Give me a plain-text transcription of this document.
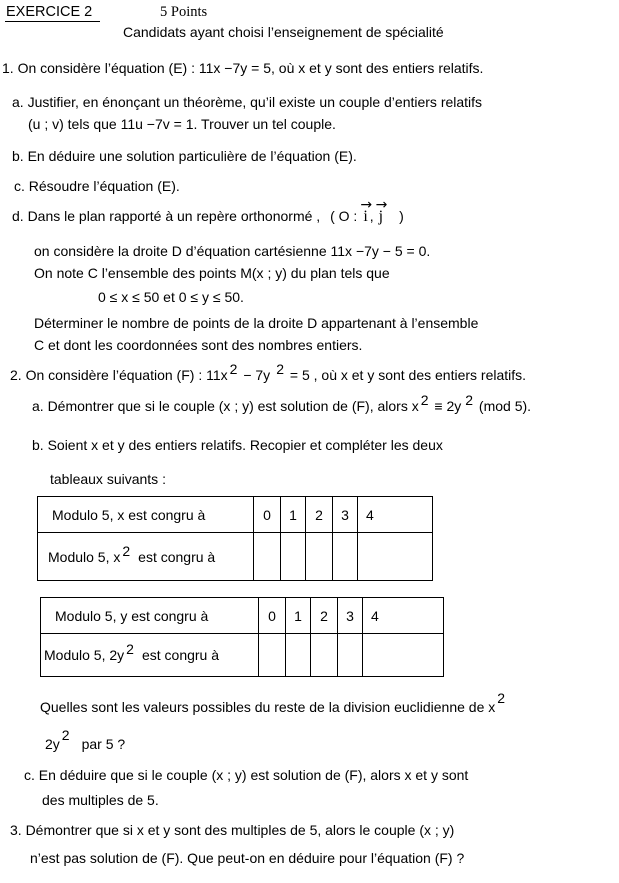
EXERCICE 2	5 Points
Candidats ayant choisi l’enseignement de spécialité
1. On considère l’équation (E) : 11x −7y = 5, où x et y sont des entiers relatifs.
a. Justifier, en énonçant un théorème, qu’il existe un couple d’entiers relatifs
(u ; v) tels que 11u −7v = 1. Trouver un tel couple.
b. En déduire une solution particulière de l’équation (E).
c. Résoudre l’équation (E).
d. Dans le plan rapporté à un repère orthonormé , ( O : → i , → j )
on considère la droite D d’équation cartésienne 11x −7y − 5 = 0.
On note C l’ensemble des points M(x ; y) du plan tels que
0 ≤ x ≤ 50 et 0 ≤ y ≤ 50.
Déterminer le nombre de points de la droite D appartenant à l’ensemble
C et dont les coordonnées sont des nombres entiers.
2. On considère l’équation (F) : 11x $^2$ − 7y $^2$ = 5 , où x et y sont des entiers relatifs.
a. Démontrer que si le couple (x ; y) est solution de (F), alors x $^2$ ≡ 2y $^2$ (mod 5).
b. Soient x et y des entiers relatifs. Recopier et compléter les deux
tableaux suivants :
Modulo 5, x est congru à	0	1	2	3	4
Modulo 5, x $^2$ est congru à					
Modulo 5, y est congru à	0	1	2	3	4
Modulo 5, 2y $^2$ est congru à					
Quelles sont les valeurs possibles du reste de la division euclidienne de $x^2$
$2y^2par$ 5 ?
c. En déduire que si le couple (x ; y) est solution de (F), alors x et y sont
des multiples de 5.
3. Démontrer que si x et y sont des multiples de 5, alors le couple (x ; y)
n’est pas solution de (F). Que peut-on en déduire pour l’équation (F) ?
